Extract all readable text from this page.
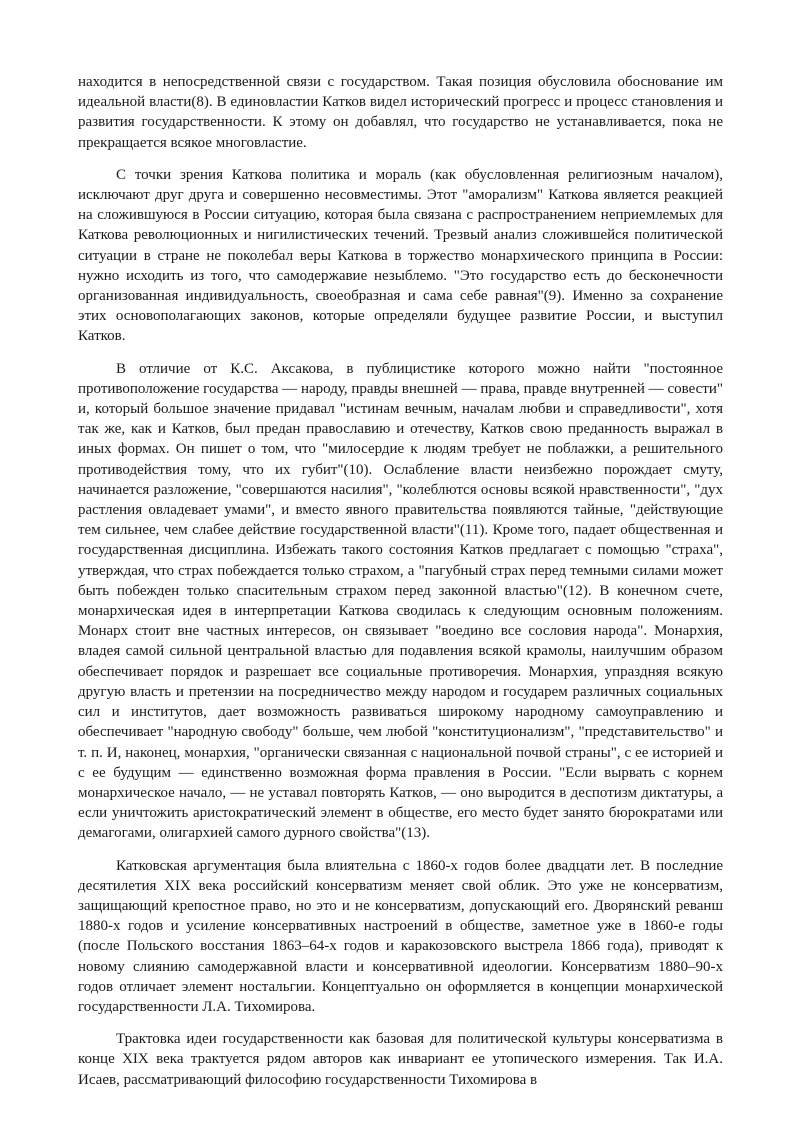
находится в непосредственной связи с государством. Такая позиция обусловила обоснование им идеальной власти(8). В единовластии Катков видел исторический прогресс и процесс становления и развития государственности. К этому он добавлял, что государство не устанавливается, пока не прекращается всякое многовластие.

С точки зрения Каткова политика и мораль (как обусловленная религиозным началом), исключают друг друга и совершенно несовместимы. Этот "аморализм" Каткова является реакцией на сложившуюся в России ситуацию, которая была связана с распространением неприемлемых для Каткова революционных и нигилистических течений. Трезвый анализ сложившейся политической ситуации в стране не поколебал веры Каткова в торжество монархического принципа в России: нужно исходить из того, что самодержавие незыблемо. "Это государство есть до бесконечности организованная индивидуальность, своеобразная и сама себе равная"(9). Именно за сохранение этих основополагающих законов, которые определяли будущее развитие России, и выступил Катков.

В отличие от К.С. Аксакова, в публицистике которого можно найти "постоянное противоположение государства — народу, правды внешней — права, правде внутренней — совести" и, который большое значение придавал "истинам вечным, началам любви и справедливости", хотя так же, как и Катков, был предан православию и отечеству, Катков свою преданность выражал в иных формах. Он пишет о том, что "милосердие к людям требует не поблажки, а решительного противодействия тому, что их губит"(10). Ослабление власти неизбежно порождает смуту, начинается разложение, "совершаются насилия", "колеблются основы всякой нравственности", "дух растления овладевает умами", и вместо явного правительства появляются тайные, "действующие тем сильнее, чем слабее действие государственной власти"(11). Кроме того, падает общественная и государственная дисциплина. Избежать такого состояния Катков предлагает с помощью "страха", утверждая, что страх побеждается только страхом, а "пагубный страх перед темными силами может быть побежден только спасительным страхом перед законной властью"(12). В конечном счете, монархическая идея в интерпретации Каткова сводилась к следующим основным положениям. Монарх стоит вне частных интересов, он связывает "воедино все сословия народа". Монархия, владея самой сильной центральной властью для подавления всякой крамолы, наилучшим образом обеспечивает порядок и разрешает все социальные противоречия. Монархия, упраздняя всякую другую власть и претензии на посредничество между народом и государем различных социальных сил и институтов, дает возможность развиваться широкому народному самоуправлению и обеспечивает "народную свободу" больше, чем любой "конституционализм", "представительство" и т. п. И, наконец, монархия, "органически связанная с национальной почвой страны", с ее историей и с ее будущим — единственно возможная форма правления в России. "Если вырвать с корнем монархическое начало, — не уставал повторять Катков, — оно выродится в деспотизм диктатуры, а если уничтожить аристократический элемент в обществе, его место будет занято бюрократами или демагогами, олигархией самого дурного свойства"(13).

Катковская аргументация была влиятельна с 1860-х годов более двадцати лет. В последние десятилетия XIX века российский консерватизм меняет свой облик. Это уже не консерватизм, защищающий крепостное право, но это и не консерватизм, допускающий его. Дворянский реванш 1880-х годов и усиление консервативных настроений в обществе, заметное уже в 1860-е годы (после Польского восстания 1863–64-х годов и каракозовского выстрела 1866 года), приводят к новому слиянию самодержавной власти и консервативной идеологии. Консерватизм 1880–90-х годов отличает элемент ностальгии. Концептуально он оформляется в концепции монархической государственности Л.А. Тихомирова.

Трактовка идеи государственности как базовая для политической культуры консерватизма в конце XIX века трактуется рядом авторов как инвариант ее утопического измерения. Так И.А. Исаев, рассматривающий философию государственности Тихомирова в
